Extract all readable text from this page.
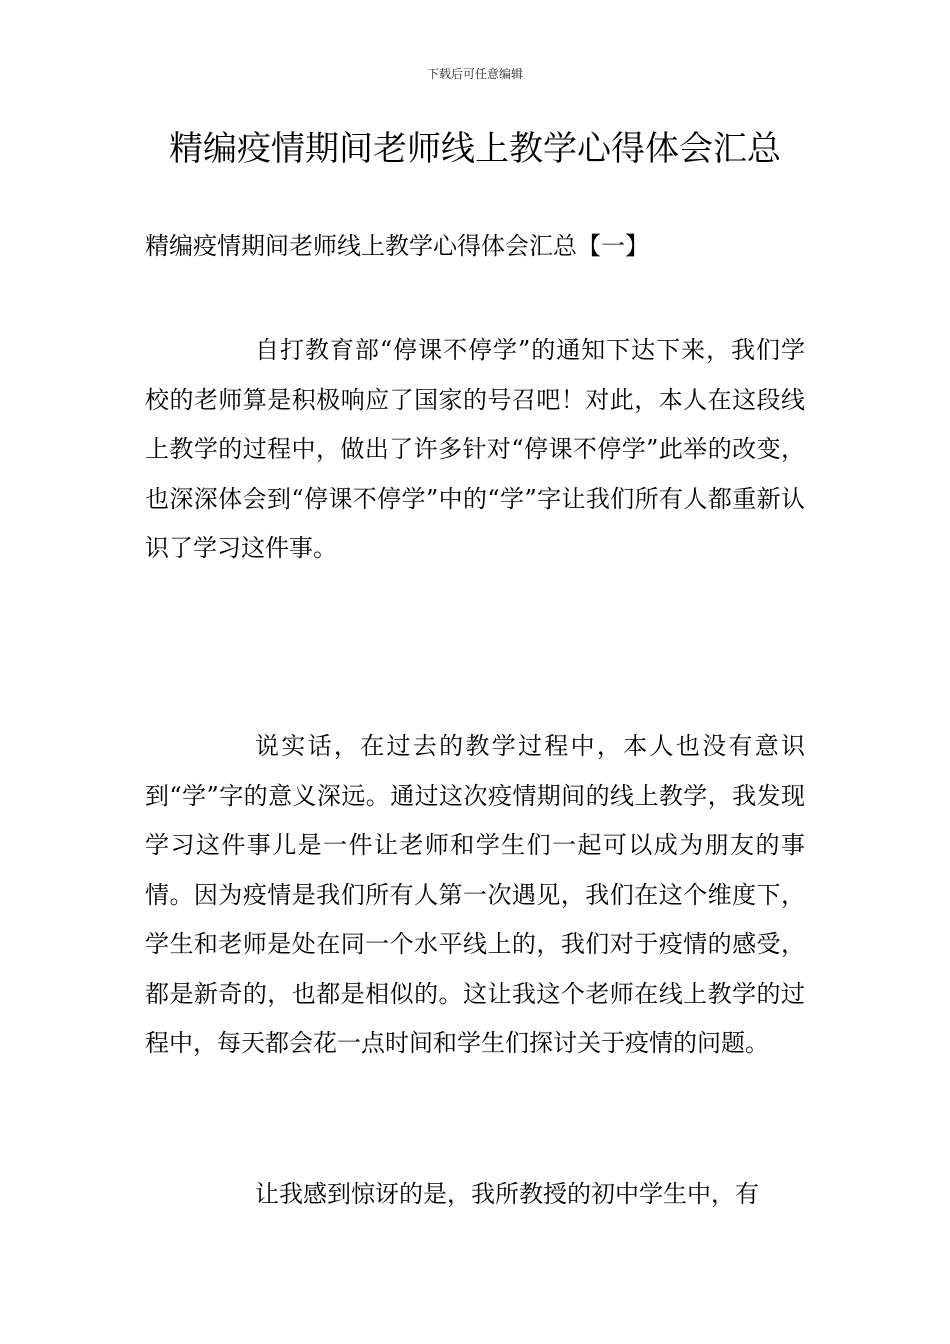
下载后可任意编辑
精编疫情期间老师线上教学心得体会汇总
精编疫情期间老师线上教学心得体会汇总【一】

自打教育部“停课不停学”的通知下达下来，我们学校的老师算是积极响应了国家的号召吧！对此，本人在这段线上教学的过程中，做出了许多针对“停课不停学”此举的改变，也深深体会到“停课不停学”中的“学”字让我们所有人都重新认识了学习这件事。

说实话，在过去的教学过程中，本人也没有意识到“学”字的意义深远。通过这次疫情期间的线上教学，我发现学习这件事儿是一件让老师和学生们一起可以成为朋友的事情。因为疫情是我们所有人第一次遇见，我们在这个维度下，学生和老师是处在同一个水平线上的，我们对于疫情的感受，都是新奇的，也都是相似的。这让我这个老师在线上教学的过程中，每天都会花一点时间和学生们探讨关于疫情的问题。

让我感到惊讶的是，我所教授的初中学生中，有
